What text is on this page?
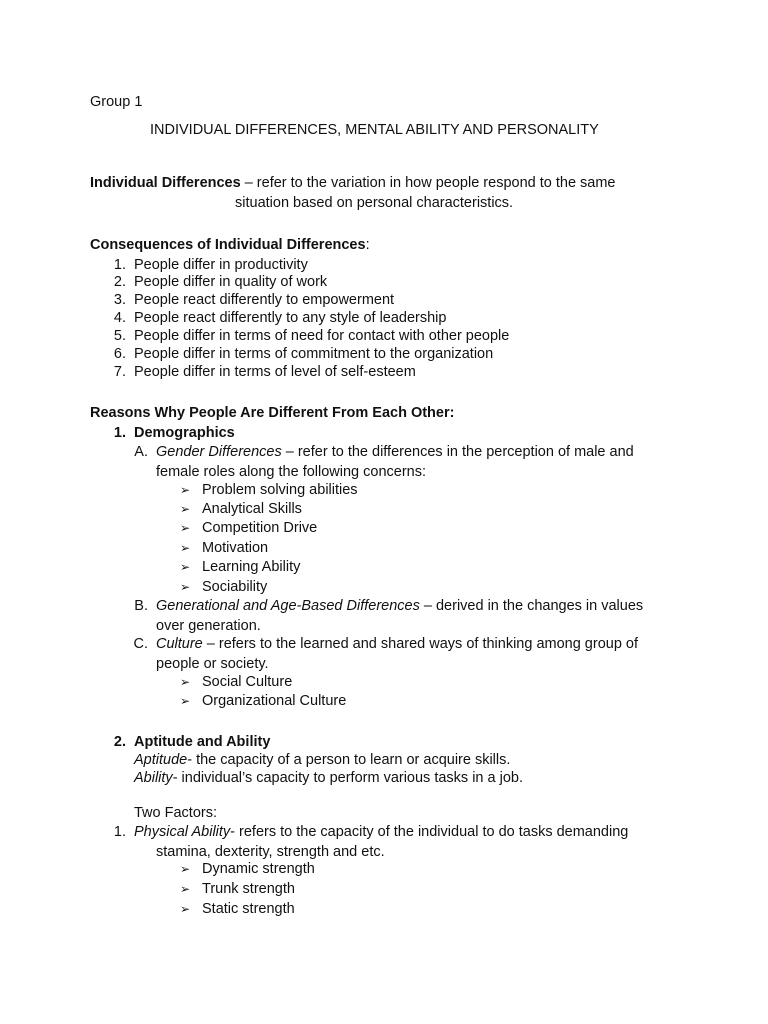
Group 1
INDIVIDUAL DIFFERENCES, MENTAL ABILITY AND PERSONALITY
Individual Differences – refer to the variation in how people respond to the same
situation based on personal characteristics.
Consequences of Individual Differences:
1. People differ in productivity
2. People differ in quality of work
3. People react differently to empowerment
4. People react differently to any style of leadership
5. People differ in terms of need for contact with other people
6. People differ in terms of commitment to the organization
7. People differ in terms of level of self-esteem
Reasons Why People Are Different From Each Other:
1. Demographics
A. Gender Differences – refer to the differences in the perception of male and
female roles along the following concerns:
➢ Problem solving abilities
➢ Analytical Skills
➢ Competition Drive
➢ Motivation
➢ Learning Ability
➢ Sociability
B. Generational and Age-Based Differences – derived in the changes in values
over generation.
C. Culture – refers to the learned and shared ways of thinking among group of
people or society.
➢ Social Culture
➢ Organizational Culture
2. Aptitude and Ability
Aptitude- the capacity of a person to learn or acquire skills.
Ability- individual’s capacity to perform various tasks in a job.
Two Factors:
1. Physical Ability- refers to the capacity of the individual to do tasks demanding
stamina, dexterity, strength and etc.
➢ Dynamic strength
➢ Trunk strength
➢ Static strength
